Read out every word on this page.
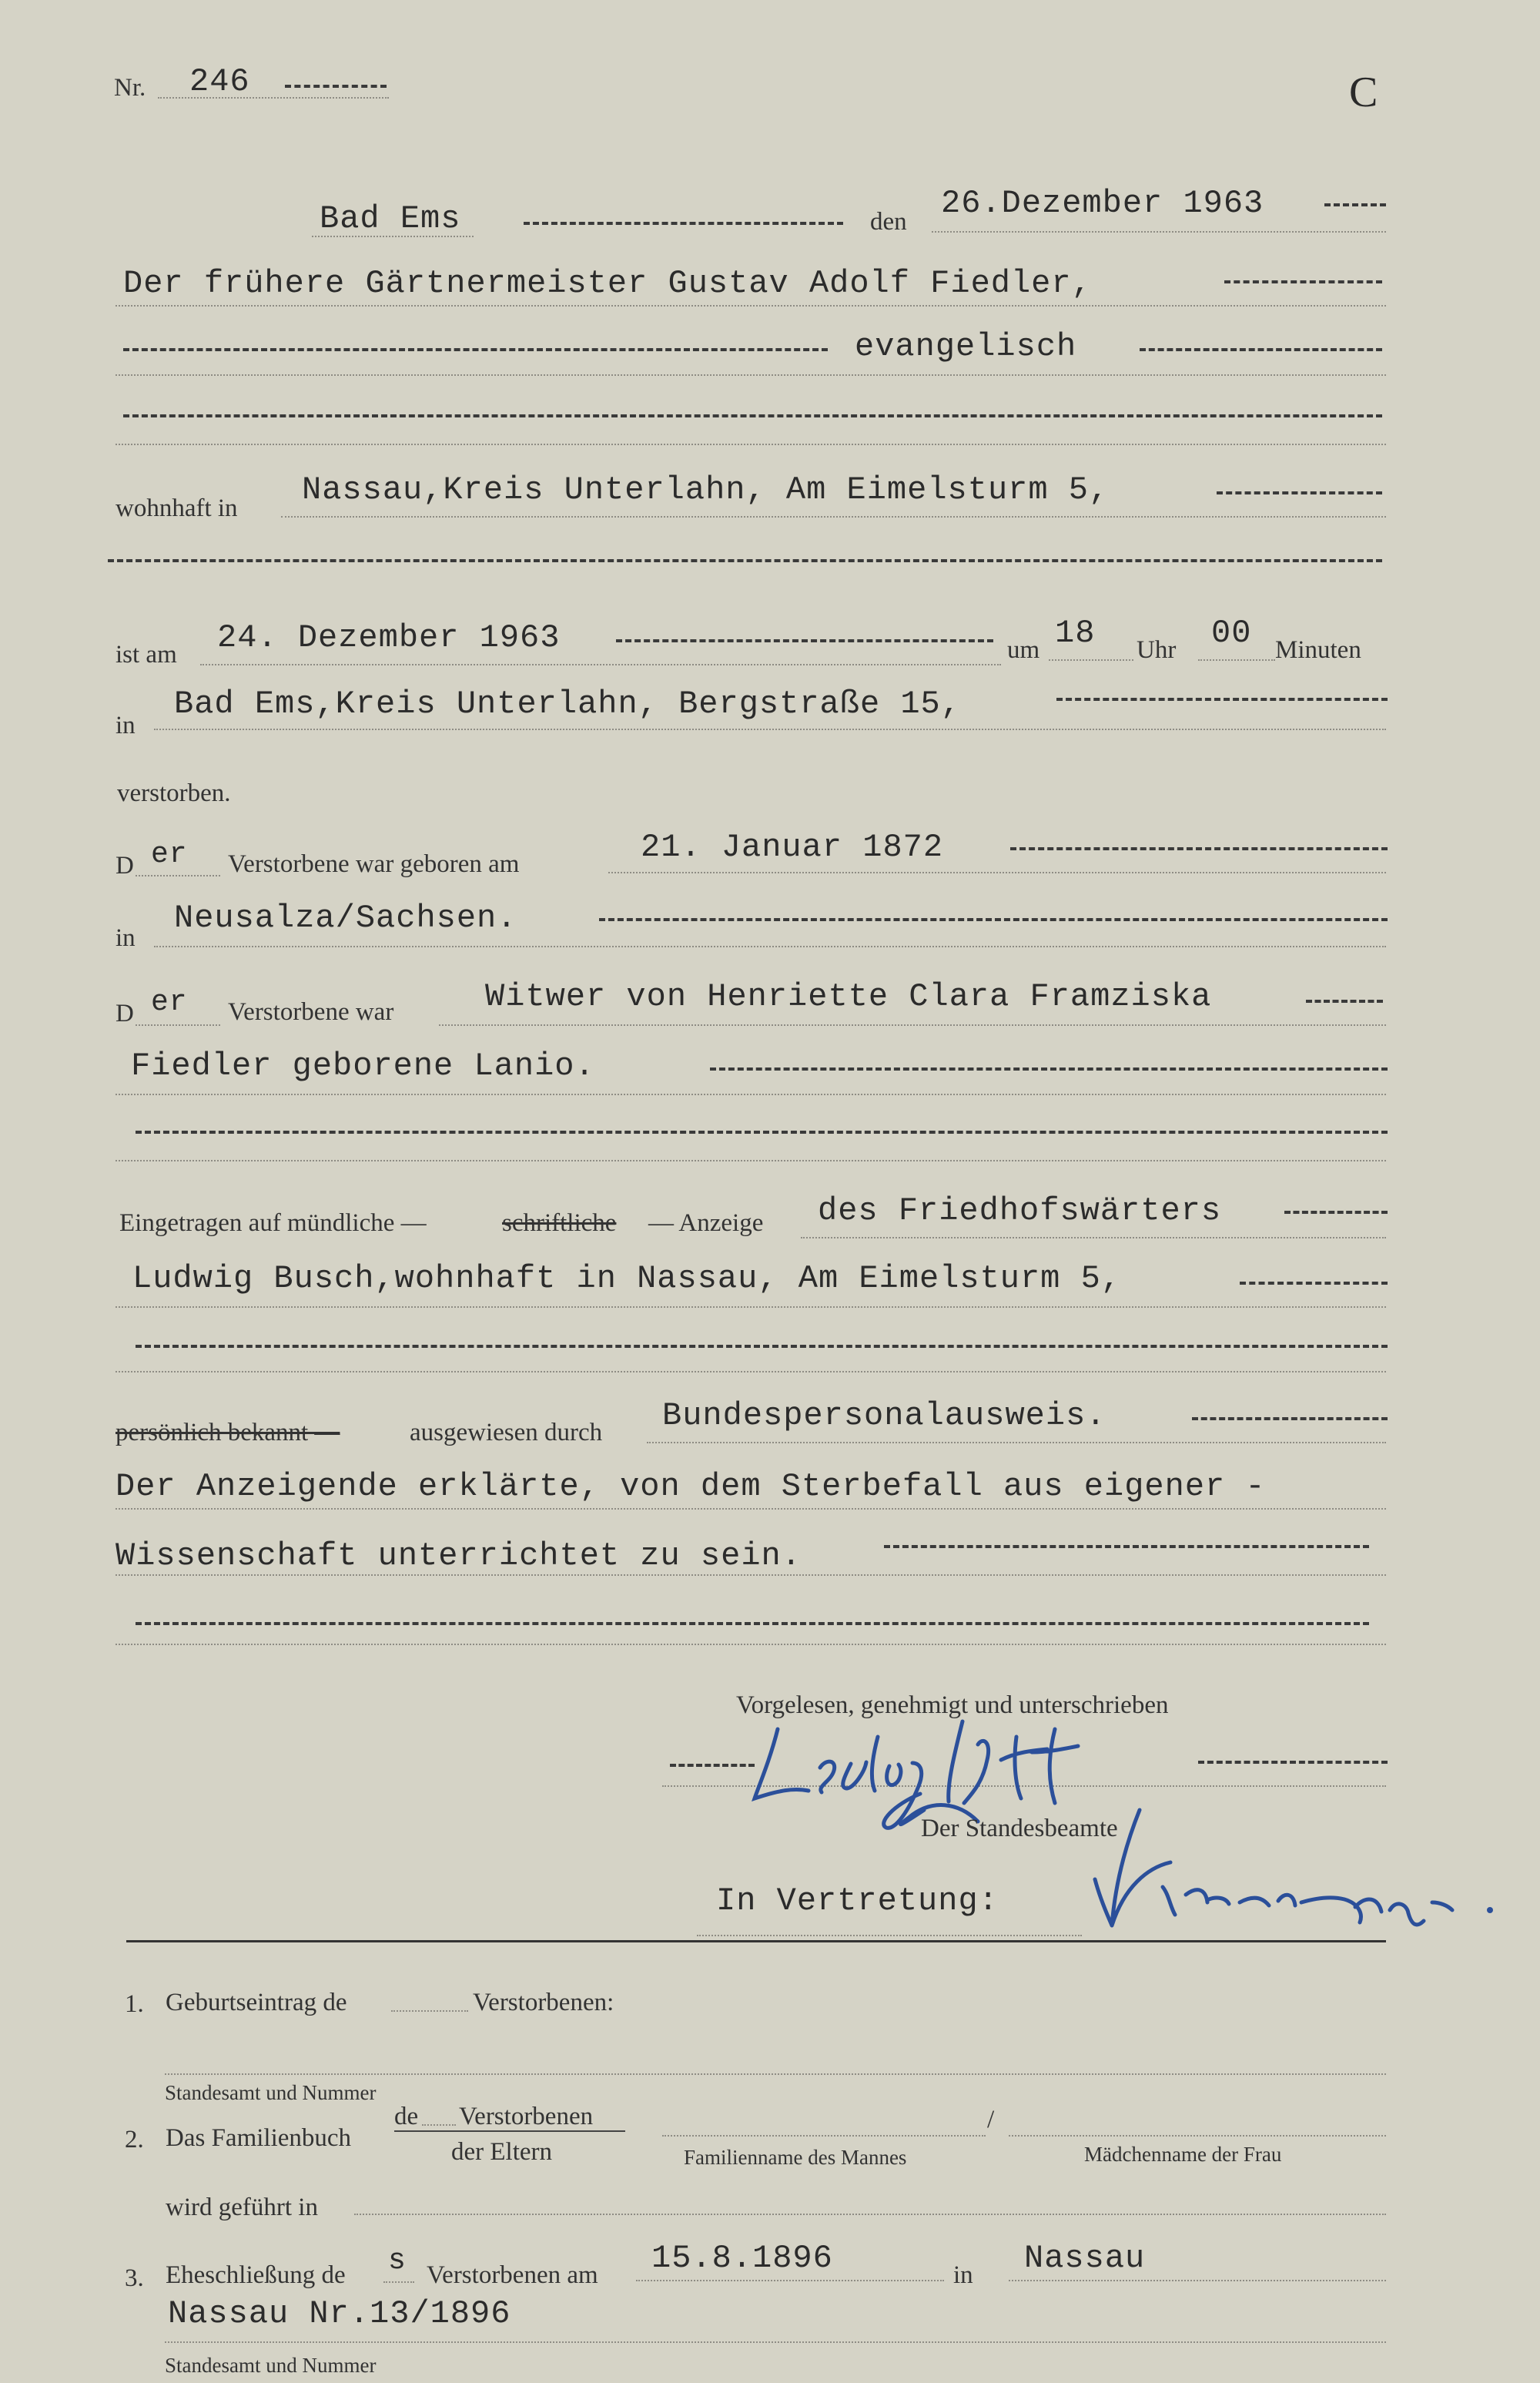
Nr. 246	C
Bad Ems	den 26.Dezember 1963
Der frühere Gärtnermeister Gustav Adolf Fiedler,
evangelisch
wohnhaft in Nassau,Kreis Unterlahn, Am Eimelsturm 5,
ist am 24. Dezember 1963	um 18 Uhr 00 Minuten
in
Bad Ems,Kreis Unterlahn, Bergstraße 15,
verstorben.
D er Verstorbene war geboren am	21. Januar 1872
in
Neusalza/Sachsen.
D er Verstorbene war	Witwer von Henriette Clara Framziska
Fiedler geborene Lanio.
Eingetragen auf mündliche —	schriftliche — Anzeige des Friedhofswärters
Ludwig Busch,wohnhaft in Nassau, Am Eimelsturm 5,
persönlich bekannt —	ausgewiesen durch Bundespersonalausweis.
Der Anzeigende erklärte, von dem Sterbefall aus eigener -
Wissenschaft unterrichtet zu sein.
Vorgelesen, genehmigt und unterschrieben
Der Standesbeamte
In Vertretung:
1. Geburtseintrag de	Verstorbenen:
Standesamt und Nummer
2. Das Familienbuch
de Verstorbenen
der Eltern	Familienname des Mannes
/
Mädchenname der Frau
wird geführt in
3. Eheschließung de s Verstorbenen am 15.8.1896	in Nassau
Nassau Nr.13/1896
Standesamt und Nummer
